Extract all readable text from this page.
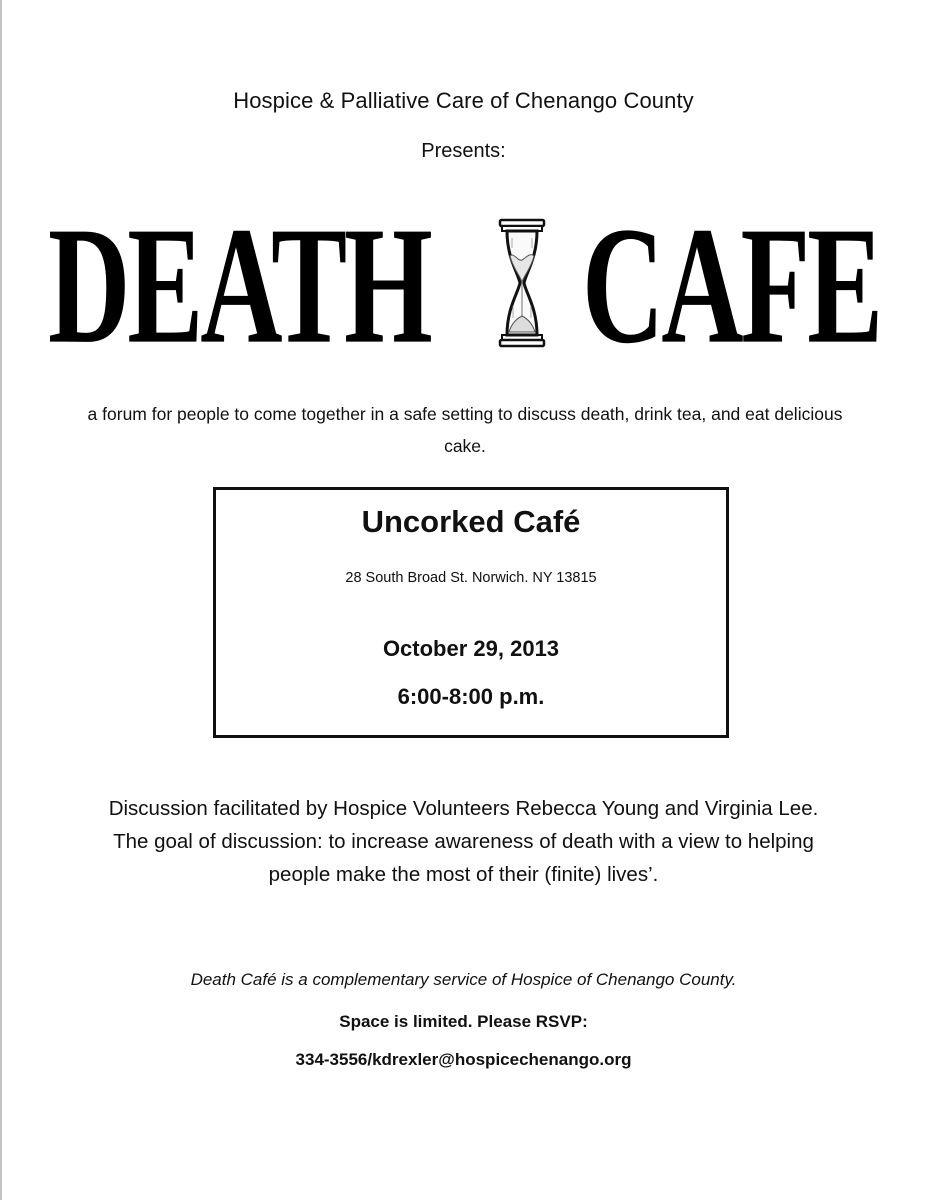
Hospice & Palliative Care of Chenango County
Presents:
DEATH CAFE
a forum for people to come together in a safe setting to discuss death, drink tea, and eat delicious cake.
Uncorked Café
28 South Broad St. Norwich. NY 13815
October 29, 2013
6:00-8:00 p.m.
Discussion facilitated by Hospice Volunteers Rebecca Young and Virginia Lee.
The goal of discussion: to increase awareness of death with a view to helping
people make the most of their (finite) lives’.
Death Café is a complementary service of Hospice of Chenango County.
Space is limited. Please RSVP:
334-3556/kdrexler@hospicechenango.org
